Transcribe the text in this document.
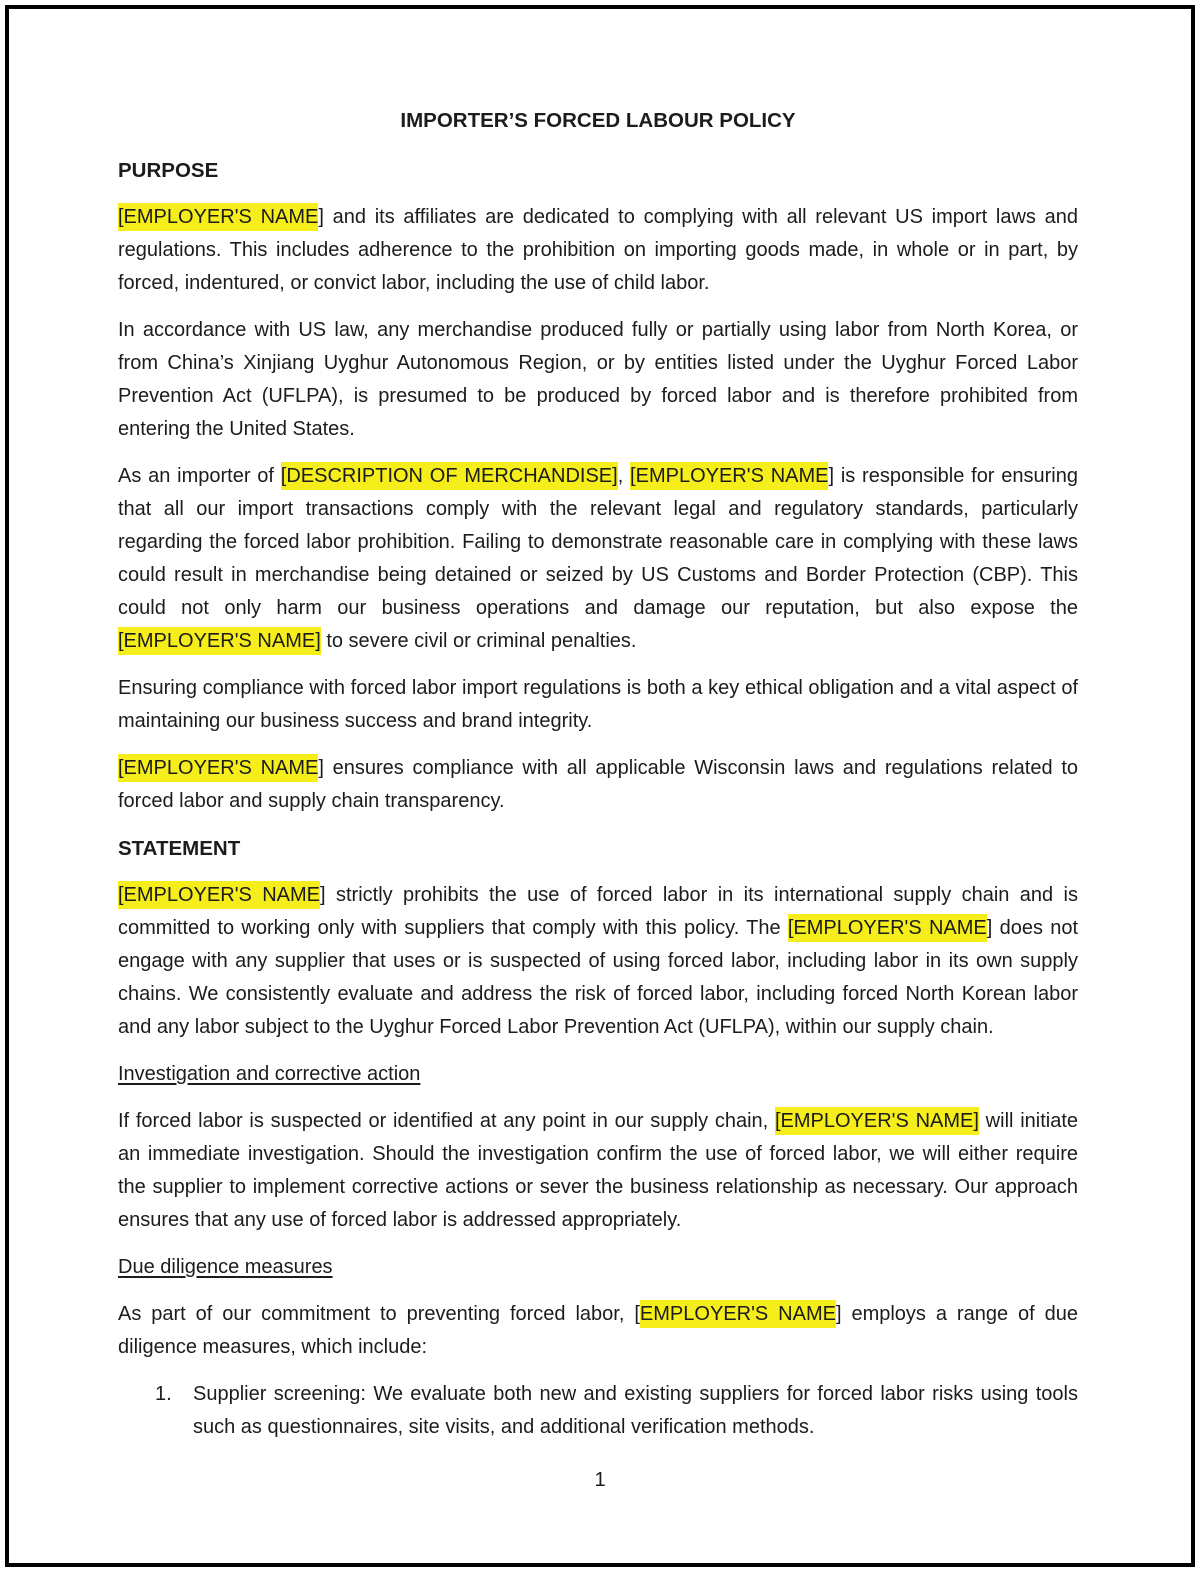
IMPORTER’S FORCED LABOUR POLICY
PURPOSE

[EMPLOYER'S NAME] and its affiliates are dedicated to complying with all relevant US import laws and regulations. This includes adherence to the prohibition on importing goods made, in whole or in part, by forced, indentured, or convict labor, including the use of child labor.

In accordance with US law, any merchandise produced fully or partially using labor from North Korea, or from China’s Xinjiang Uyghur Autonomous Region, or by entities listed under the Uyghur Forced Labor Prevention Act (UFLPA), is presumed to be produced by forced labor and is therefore prohibited from entering the United States.

As an importer of [DESCRIPTION OF MERCHANDISE], [EMPLOYER'S NAME] is responsible for ensuring that all our import transactions comply with the relevant legal and regulatory standards, particularly regarding the forced labor prohibition. Failing to demonstrate reasonable care in complying with these laws could result in merchandise being detained or seized by US Customs and Border Protection (CBP). This could not only harm our business operations and damage our reputation, but also expose the [EMPLOYER'S NAME] to severe civil or criminal penalties.

Ensuring compliance with forced labor import regulations is both a key ethical obligation and a vital aspect of maintaining our business success and brand integrity.

[EMPLOYER'S NAME] ensures compliance with all applicable Wisconsin laws and regulations related to forced labor and supply chain transparency.

STATEMENT

[EMPLOYER'S NAME] strictly prohibits the use of forced labor in its international supply chain and is committed to working only with suppliers that comply with this policy. The [EMPLOYER'S NAME] does not engage with any supplier that uses or is suspected of using forced labor, including labor in its own supply chains. We consistently evaluate and address the risk of forced labor, including forced North Korean labor and any labor subject to the Uyghur Forced Labor Prevention Act (UFLPA), within our supply chain.

Investigation and corrective action

If forced labor is suspected or identified at any point in our supply chain, [EMPLOYER'S NAME] will initiate an immediate investigation. Should the investigation confirm the use of forced labor, we will either require the supplier to implement corrective actions or sever the business relationship as necessary. Our approach ensures that any use of forced labor is addressed appropriately.

Due diligence measures

As part of our commitment to preventing forced labor, [EMPLOYER'S NAME] employs a range of due diligence measures, which include:

1.	Supplier screening: We evaluate both new and existing suppliers for forced labor risks using tools such as questionnaires, site visits, and additional verification methods.
1
